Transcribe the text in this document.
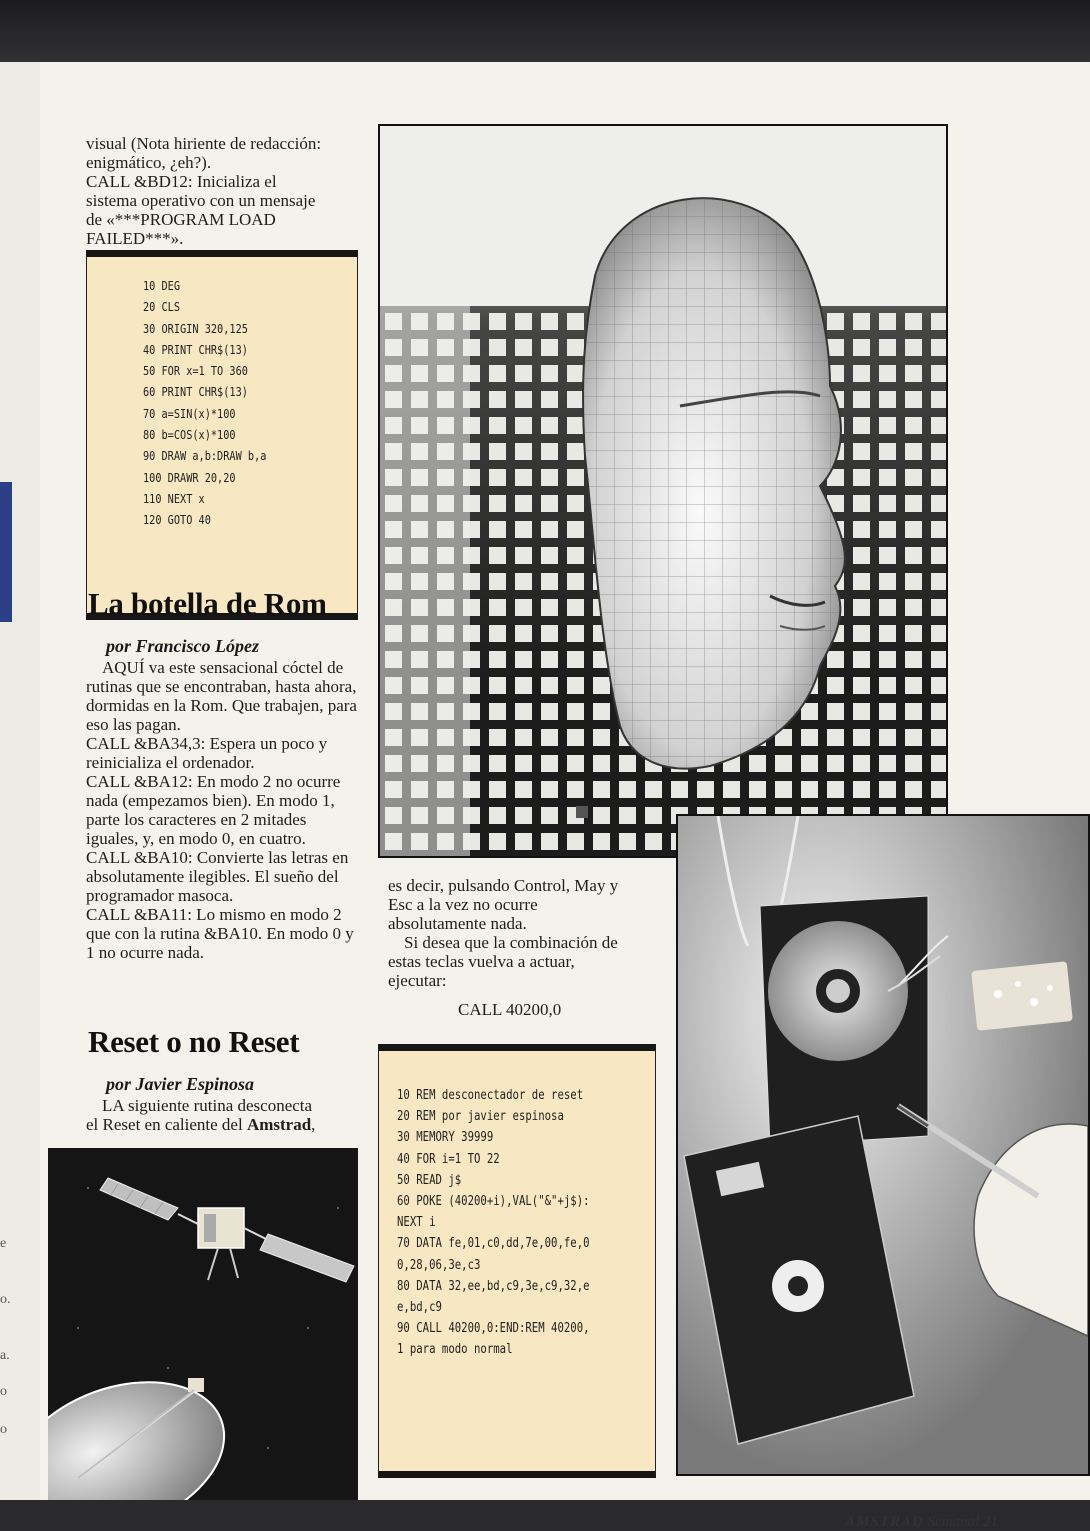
e
o.
a.
o
o

visual (Nota hiriente de redacción:

enigmático, ¿eh?).

CALL &BD12: Inicializa el

sistema operativo con un mensaje

de «***PROGRAM LOAD

FAILED***».

10 DEG
20 CLS
30 ORIGIN 320,125
40 PRINT CHR$(13)
50 FOR x=1 TO 360
60 PRINT CHR$(13)
70 a=SIN(x)*100
80 b=COS(x)*100
90 DRAW a,b:DRAW b,a
100 DRAWR 20,20
110 NEXT x
120 GOTO 40
La botella de Rom

por Francisco López

AQUÍ va este sensacional cóctel de rutinas que se encontraban, hasta ahora, dormidas en la Rom. Que trabajen, para eso las pagan.

CALL &BA34,3: Espera un poco y reinicializa el ordenador.

CALL &BA12: En modo 2 no ocurre nada (empezamos bien). En modo 1, parte los caracteres en 2 mitades iguales, y, en modo 0, en cuatro.

CALL &BA10: Convierte las letras en absolutamente ilegibles. El sueño del programador masoca.

CALL &BA11: Lo mismo en modo 2 que con la rutina &BA10. En modo 0 y 1 no ocurre nada.

Reset o no Reset

por Javier Espinosa

LA siguiente rutina desconecta

el Reset en caliente del Amstrad,

es decir, pulsando Control, May y

Esc a la vez no ocurre

absolutamente nada.

Si desea que la combinación de

estas teclas vuelva a actuar,

ejecutar:

CALL 40200,0

10 REM desconectador de reset
20 REM por javier espinosa
30 MEMORY 39999
40 FOR i=1 TO 22
50 READ j$
60 POKE (40200+i),VAL("&"+j$):
NEXT i
70 DATA fe,01,c0,dd,7e,00,fe,0
0,28,06,3e,c3
80 DATA 32,ee,bd,c9,3e,c9,32,e
e,bd,c9
90 CALL 40200,0:END:REM 40200,
1 para modo normal

AMSTRAD Semanal 21
